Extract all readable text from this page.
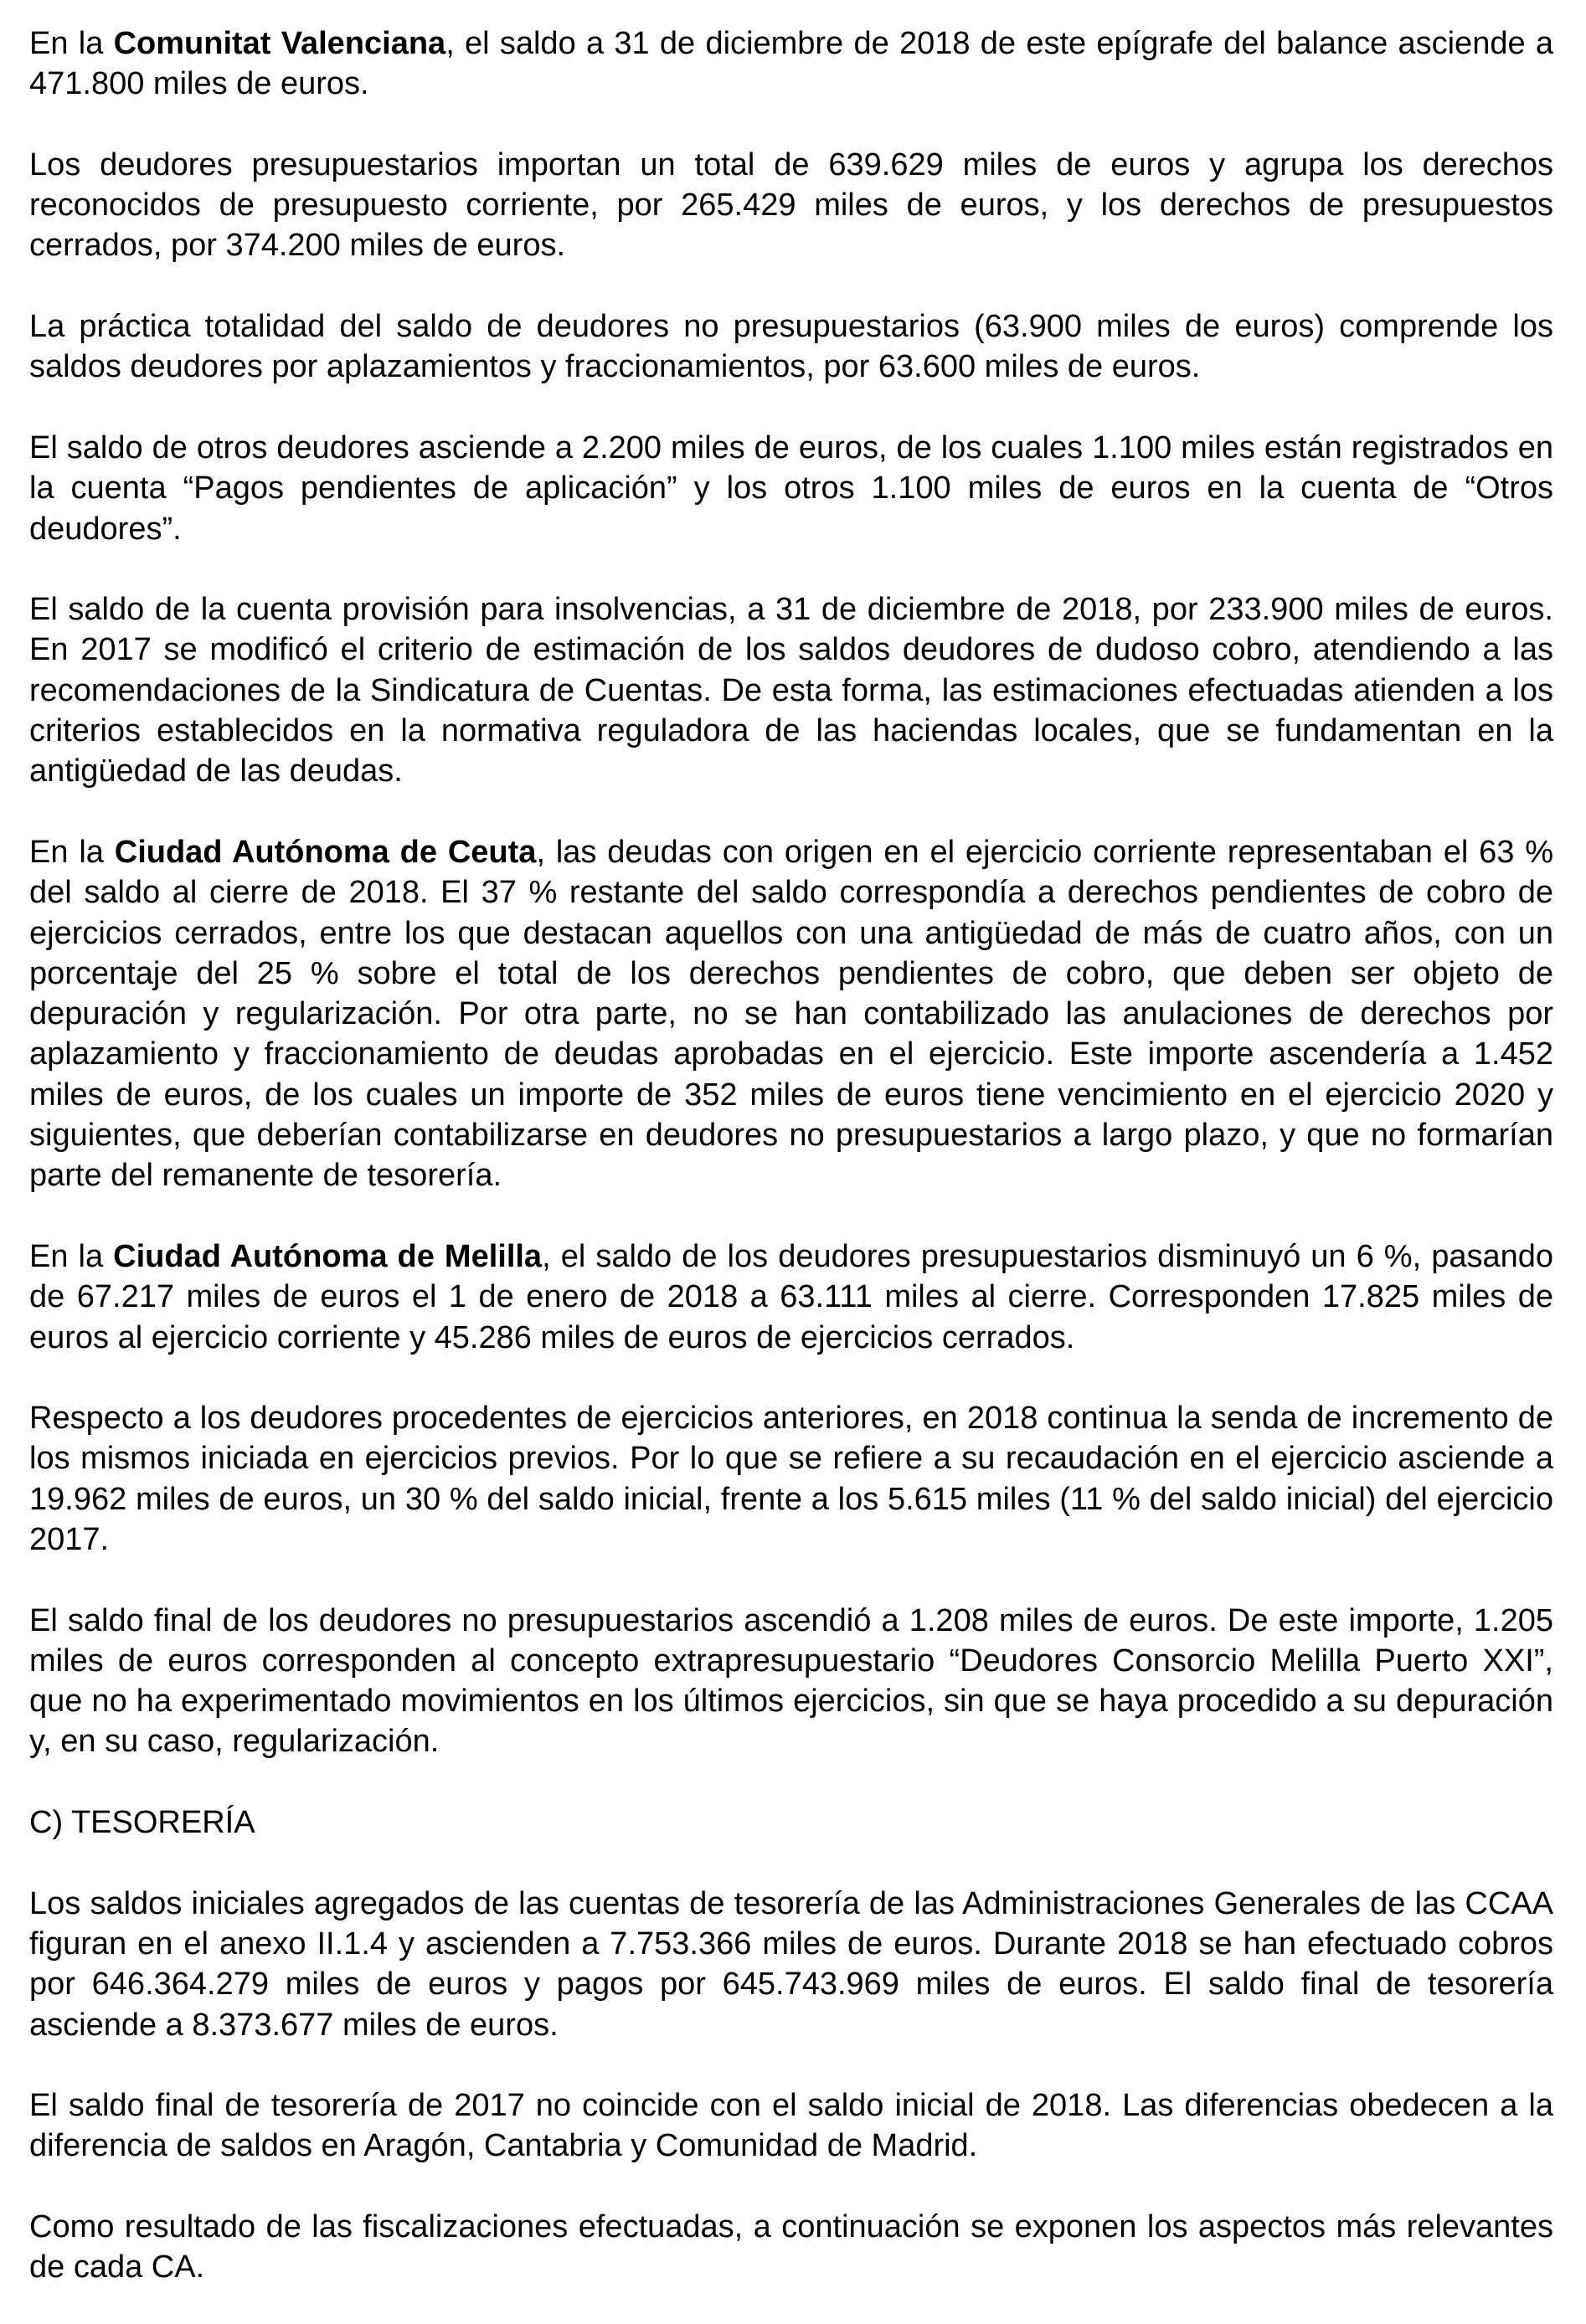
En la Comunitat Valenciana, el saldo a 31 de diciembre de 2018 de este epígrafe del balance asciende a 471.800 miles de euros.

Los deudores presupuestarios importan un total de 639.629 miles de euros y agrupa los derechos reconocidos de presupuesto corriente, por 265.429 miles de euros, y los derechos de presupuestos cerrados, por 374.200 miles de euros.

La práctica totalidad del saldo de deudores no presupuestarios (63.900 miles de euros) comprende los saldos deudores por aplazamientos y fraccionamientos, por 63.600 miles de euros.

El saldo de otros deudores asciende a 2.200 miles de euros, de los cuales 1.100 miles están registrados en la cuenta “Pagos pendientes de aplicación” y los otros 1.100 miles de euros en la cuenta de “Otros deudores”.

El saldo de la cuenta provisión para insolvencias, a 31 de diciembre de 2018, por 233.900 miles de euros. En 2017 se modificó el criterio de estimación de los saldos deudores de dudoso cobro, atendiendo a las recomendaciones de la Sindicatura de Cuentas. De esta forma, las estimaciones efectuadas atienden a los criterios establecidos en la normativa reguladora de las haciendas locales, que se fundamentan en la antigüedad de las deudas.

En la Ciudad Autónoma de Ceuta, las deudas con origen en el ejercicio corriente representaban el 63 % del saldo al cierre de 2018. El 37 % restante del saldo correspondía a derechos pendientes de cobro de ejercicios cerrados, entre los que destacan aquellos con una antigüedad de más de cuatro años, con un porcentaje del 25 % sobre el total de los derechos pendientes de cobro, que deben ser objeto de depuración y regularización. Por otra parte, no se han contabilizado las anulaciones de derechos por aplazamiento y fraccionamiento de deudas aprobadas en el ejercicio. Este importe ascendería a 1.452 miles de euros, de los cuales un importe de 352 miles de euros tiene vencimiento en el ejercicio 2020 y siguientes, que deberían contabilizarse en deudores no presupuestarios a largo plazo, y que no formarían parte del remanente de tesorería.

En la Ciudad Autónoma de Melilla, el saldo de los deudores presupuestarios disminuyó un 6 %, pasando de 67.217 miles de euros el 1 de enero de 2018 a 63.111 miles al cierre. Corresponden 17.825 miles de euros al ejercicio corriente y 45.286 miles de euros de ejercicios cerrados.

Respecto a los deudores procedentes de ejercicios anteriores, en 2018 continua la senda de incremento de los mismos iniciada en ejercicios previos. Por lo que se refiere a su recaudación en el ejercicio asciende a 19.962 miles de euros, un 30 % del saldo inicial, frente a los 5.615 miles (11 % del saldo inicial) del ejercicio 2017.

El saldo final de los deudores no presupuestarios ascendió a 1.208 miles de euros. De este importe, 1.205 miles de euros corresponden al concepto extrapresupuestario “Deudores Consorcio Melilla Puerto XXI”, que no ha experimentado movimientos en los últimos ejercicios, sin que se haya procedido a su depuración y, en su caso, regularización.

C) TESORERÍA

Los saldos iniciales agregados de las cuentas de tesorería de las Administraciones Generales de las CCAA figuran en el anexo II.1.4 y ascienden a 7.753.366 miles de euros. Durante 2018 se han efectuado cobros por 646.364.279 miles de euros y pagos por 645.743.969 miles de euros. El saldo final de tesorería asciende a 8.373.677 miles de euros.

El saldo final de tesorería de 2017 no coincide con el saldo inicial de 2018. Las diferencias obedecen a la diferencia de saldos en Aragón, Cantabria y Comunidad de Madrid.

Como resultado de las fiscalizaciones efectuadas, a continuación se exponen los aspectos más relevantes de cada CA.
